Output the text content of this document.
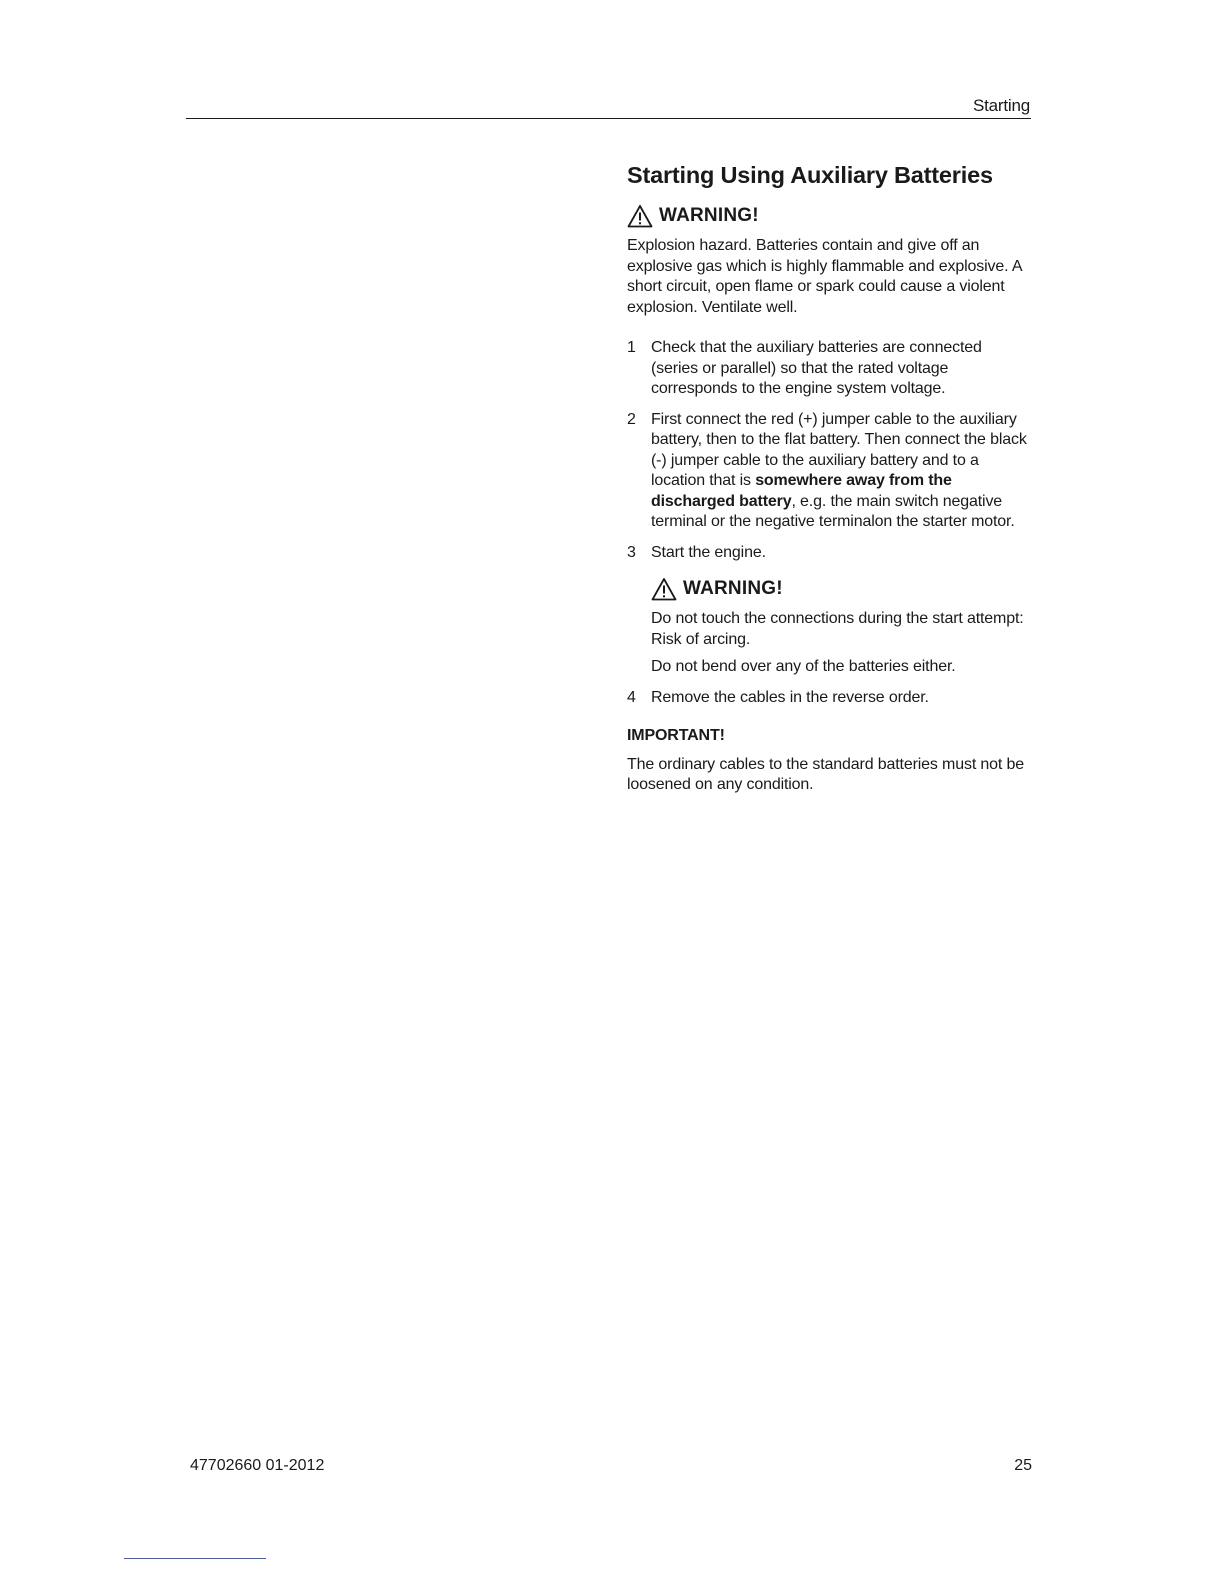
Starting
Starting Using Auxiliary Batteries
WARNING!

Explosion hazard. Batteries contain and give off an explosive gas which is highly flammable and explosive. A short circuit, open flame or spark could cause a violent explosion. Ventilate well.

1 Check that the auxiliary batteries are connected (series or parallel) so that the rated voltage corresponds to the engine system voltage.
2 First connect the red (+) jumper cable to the auxiliary battery, then to the flat battery. Then connect the black (-) jumper cable to the auxiliary battery and to a location that is somewhere away from the discharged battery, e.g. the main switch negative terminal or the negative terminalon the starter motor.
3 Start the engine.
WARNING!

Do not touch the connections during the start attempt: Risk of arcing.

Do not bend over any of the batteries either.

4 Remove the cables in the reverse order.
IMPORTANT!

The ordinary cables to the standard batteries must not be loosened on any condition.

47702660 01-2012	25
